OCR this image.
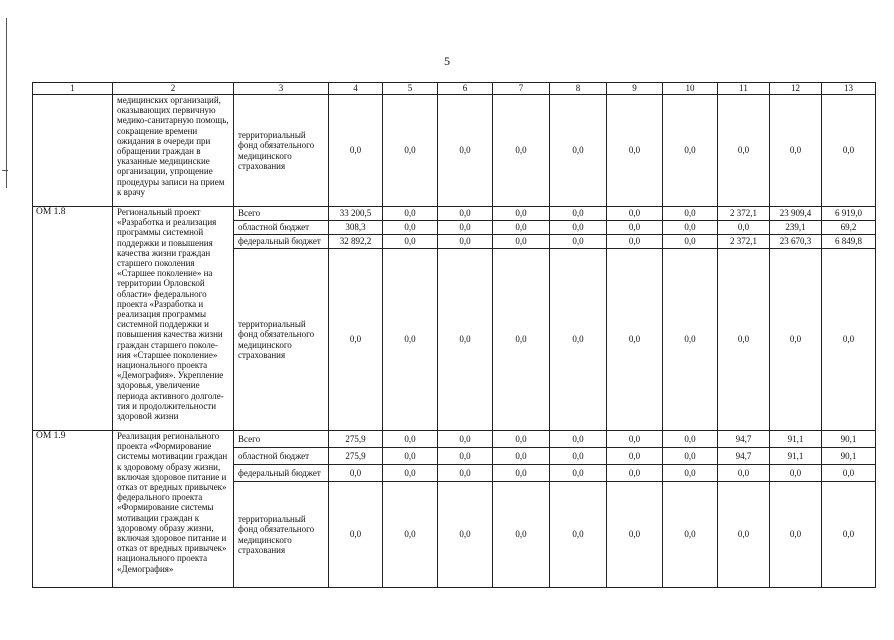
5
1	2	3	4	5	6	7	8	9	10	11	12	13
	медицинских организаций, оказывающих первичную медико-санитарную помощь, сокращение времени ожидания в очереди при обращении граждан в указанные медицинские организации, упрощение процедуры записи на прием к врачу	территориальный фонд обязательного медицинского страхования	0,0	0,0	0,0	0,0	0,0	0,0	0,0	0,0	0,0	0,0
ОМ 1.8	Региональный проект «Разработка и реализация программы системной поддержки и повышения качества жизни граждан старшего поколения «Старшее поколение» на территории Орловской области» федерального проекта «Разработка и реализация программы системной поддержки и повышения качества жизни граждан старшего поколе-ния «Старшее поколение» национального проекта «Демография». Укрепление здоровья, увеличение периода активного долголе-тия и продолжительности здоровой жизни	Всего	33 200,5	0,0	0,0	0,0	0,0	0,0	0,0	2 372,1	23 909,4	6 919,0
		областной бюджет	308,3	0,0	0,0	0,0	0,0	0,0	0,0	0,0	239,1	69,2
		федеральный бюджет	32 892,2	0,0	0,0	0,0	0,0	0,0	0,0	2 372,1	23 670,3	6 849,8
		территориальный фонд обязательного медицинского страхования	0,0	0,0	0,0	0,0	0,0	0,0	0,0	0,0	0,0	0,0
ОМ 1.9	Реализация регионального проекта «Формирование системы мотивации граждан к здоровому образу жизни, включая здоровое питание и отказ от вредных привычек» федерального проекта «Формирование системы мотивации граждан к здоровому образу жизни, включая здоровое питание и отказ от вредных привычек» национального проекта «Демография»	Всего	275,9	0,0	0,0	0,0	0,0	0,0	0,0	94,7	91,1	90,1
		областной бюджет	275,9	0,0	0,0	0,0	0,0	0,0	0,0	94,7	91,1	90,1
		федеральный бюджет	0,0	0,0	0,0	0,0	0,0	0,0	0,0	0,0	0,0	0,0
		территориальный фонд обязательного медицинского страхования	0,0	0,0	0,0	0,0	0,0	0,0	0,0	0,0	0,0	0,0
